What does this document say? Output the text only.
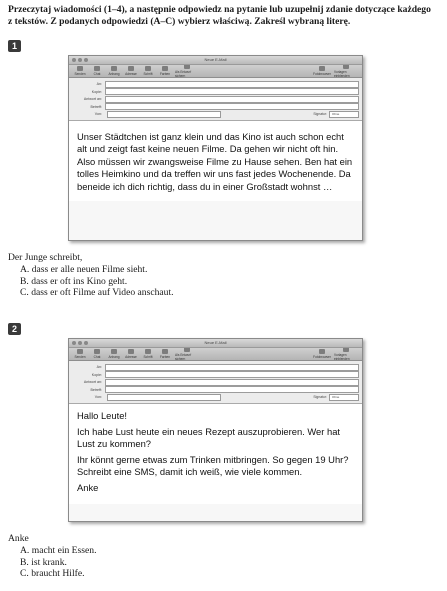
Przeczytaj wiadomości (1–4), a następnie odpowiedz na pytanie lub uzupełnij zdanie dotyczące każdego z tekstów. Z podanych odpowiedzi (A–C) wybierz właściwą. Zakreśl wybraną literę.
1
Neue E-Mail
Senden	Chat	Anhang Adresse Schrift Farben Als Entwurf sichern	Fotobrowser Vorlagen einblenden
An:
Kopie:
Antwort an:
Betreff:
Von:	Signatur:	Ohne
Unser Städtchen ist ganz klein und das Kino ist auch schon echt alt und zeigt fast keine neuen Filme. Da gehen wir nicht oft hin. Also müssen wir zwangsweise Filme zu Hause sehen. Ben hat ein tolles Heimkino und da treffen wir uns fast jedes Wochenende. Da beneide ich dich richtig, dass du in einer Großstadt wohnst …
Der Junge schreibt,
A. dass er alle neuen Filme sieht.
B. dass er oft ins Kino geht.
C. dass er oft Filme auf Video anschaut.
2
Neue E-Mail
Senden	Chat	Anhang Adresse Schrift Farben Als Entwurf sichern	Fotobrowser Vorlagen einblenden
An:
Kopie:
Antwort an:
Betreff:
Von:	Signatur:	Ohne

Hallo Leute!

Ich habe Lust heute ein neues Rezept auszuprobieren. Wer hat Lust zu kommen?

Ihr könnt gerne etwas zum Trinken mitbringen. So gegen 19 Uhr? Schreibt eine SMS, damit ich weiß, wie viele kommen.

Anke

Anke
A. macht ein Essen.
B. ist krank.
C. braucht Hilfe.
